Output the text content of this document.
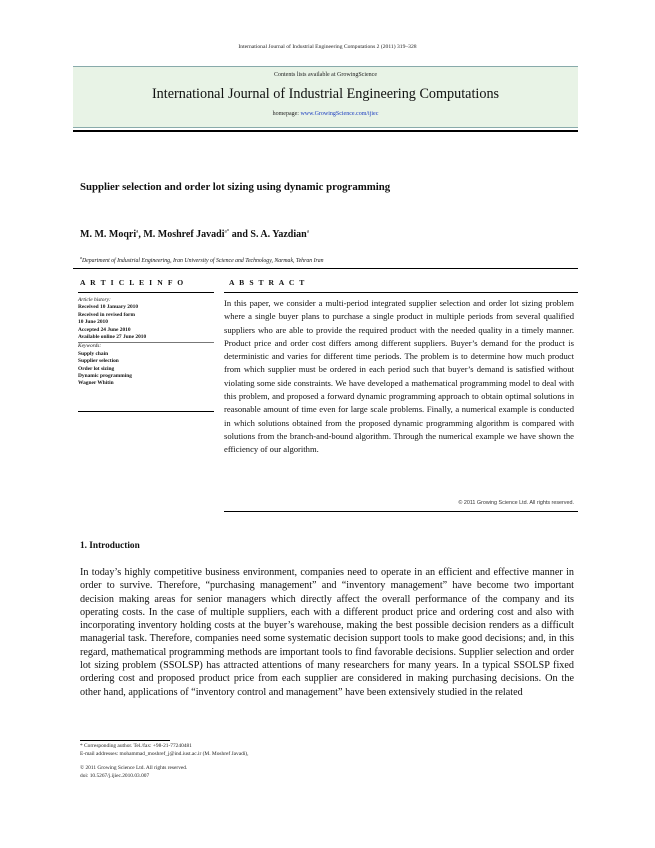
International Journal of Industrial Engineering Computations 2 (2011) 319–328
Contents lists available at GrowingScience
International Journal of Industrial Engineering Computations
homepage: www.GrowingScience.com/ijiec
Supplier selection and order lot sizing using dynamic programming
M. M. Moqri$^a$, M. Moshref Javadi$^{a*}$ and S. A. Yazdian$^a$
$^a$Department of Industrial Engineering, Iran University of Science and Technology, Narmak, Tehran Iran
A R T I C L E I N F O	A B S T R A C T
Article history:
Received 10 January 2010
Received in revised form
10 June 2010
Accepted 24 June 2010
Available online 27 June 2010
Keywords:
Supply chain
Supplier selection
Order lot sizing
Dynamic programming
Wagner Whitin
In this paper, we consider a multi-period integrated supplier selection and order lot sizing problem where a single buyer plans to purchase a single product in multiple periods from several qualified suppliers who are able to provide the required product with the needed quality in a timely manner. Product price and order cost differs among different suppliers. Buyer’s demand for the product is deterministic and varies for different time periods. The problem is to determine how much product from which supplier must be ordered in each period such that buyer’s demand is satisfied without violating some side constraints. We have developed a mathematical programming model to deal with this problem, and proposed a forward dynamic programming approach to obtain optimal solutions in reasonable amount of time even for large scale problems. Finally, a numerical example is conducted in which solutions obtained from the proposed dynamic programming algorithm is compared with solutions from the branch-and-bound algorithm. Through the numerical example we have shown the efficiency of our algorithm.
© 2011 Growing Science Ltd. All rights reserved.
1. Introduction
In today’s highly competitive business environment, companies need to operate in an efficient and effective manner in order to survive. Therefore, “purchasing management” and “inventory management” have become two important decision making areas for senior managers which directly affect the overall performance of the company and its operating costs. In the case of multiple suppliers, each with a different product price and ordering cost and also with incorporating inventory holding costs at the buyer’s warehouse, making the best possible decision renders as a difficult managerial task. Therefore, companies need some systematic decision support tools to make good decisions; and, in this regard, mathematical programming methods are important tools to find favorable decisions. Supplier selection and order lot sizing problem (SSOLSP) has attracted attentions of many researchers for many years. In a typical SSOLSP fixed ordering cost and proposed product price from each supplier are considered in making purchasing decisions. On the other hand, applications of “inventory control and management” have been extensively studied in the related
* Corresponding author. Tel./fax: +98-21-77240481
E-mail addresses: mohammad_moshref_j@ind.iust.ac.ir (M. Moshref Javadi),
© 2011 Growing Science Ltd. All rights reserved.
doi: 10.5267/j.ijiec.2010.03.007
